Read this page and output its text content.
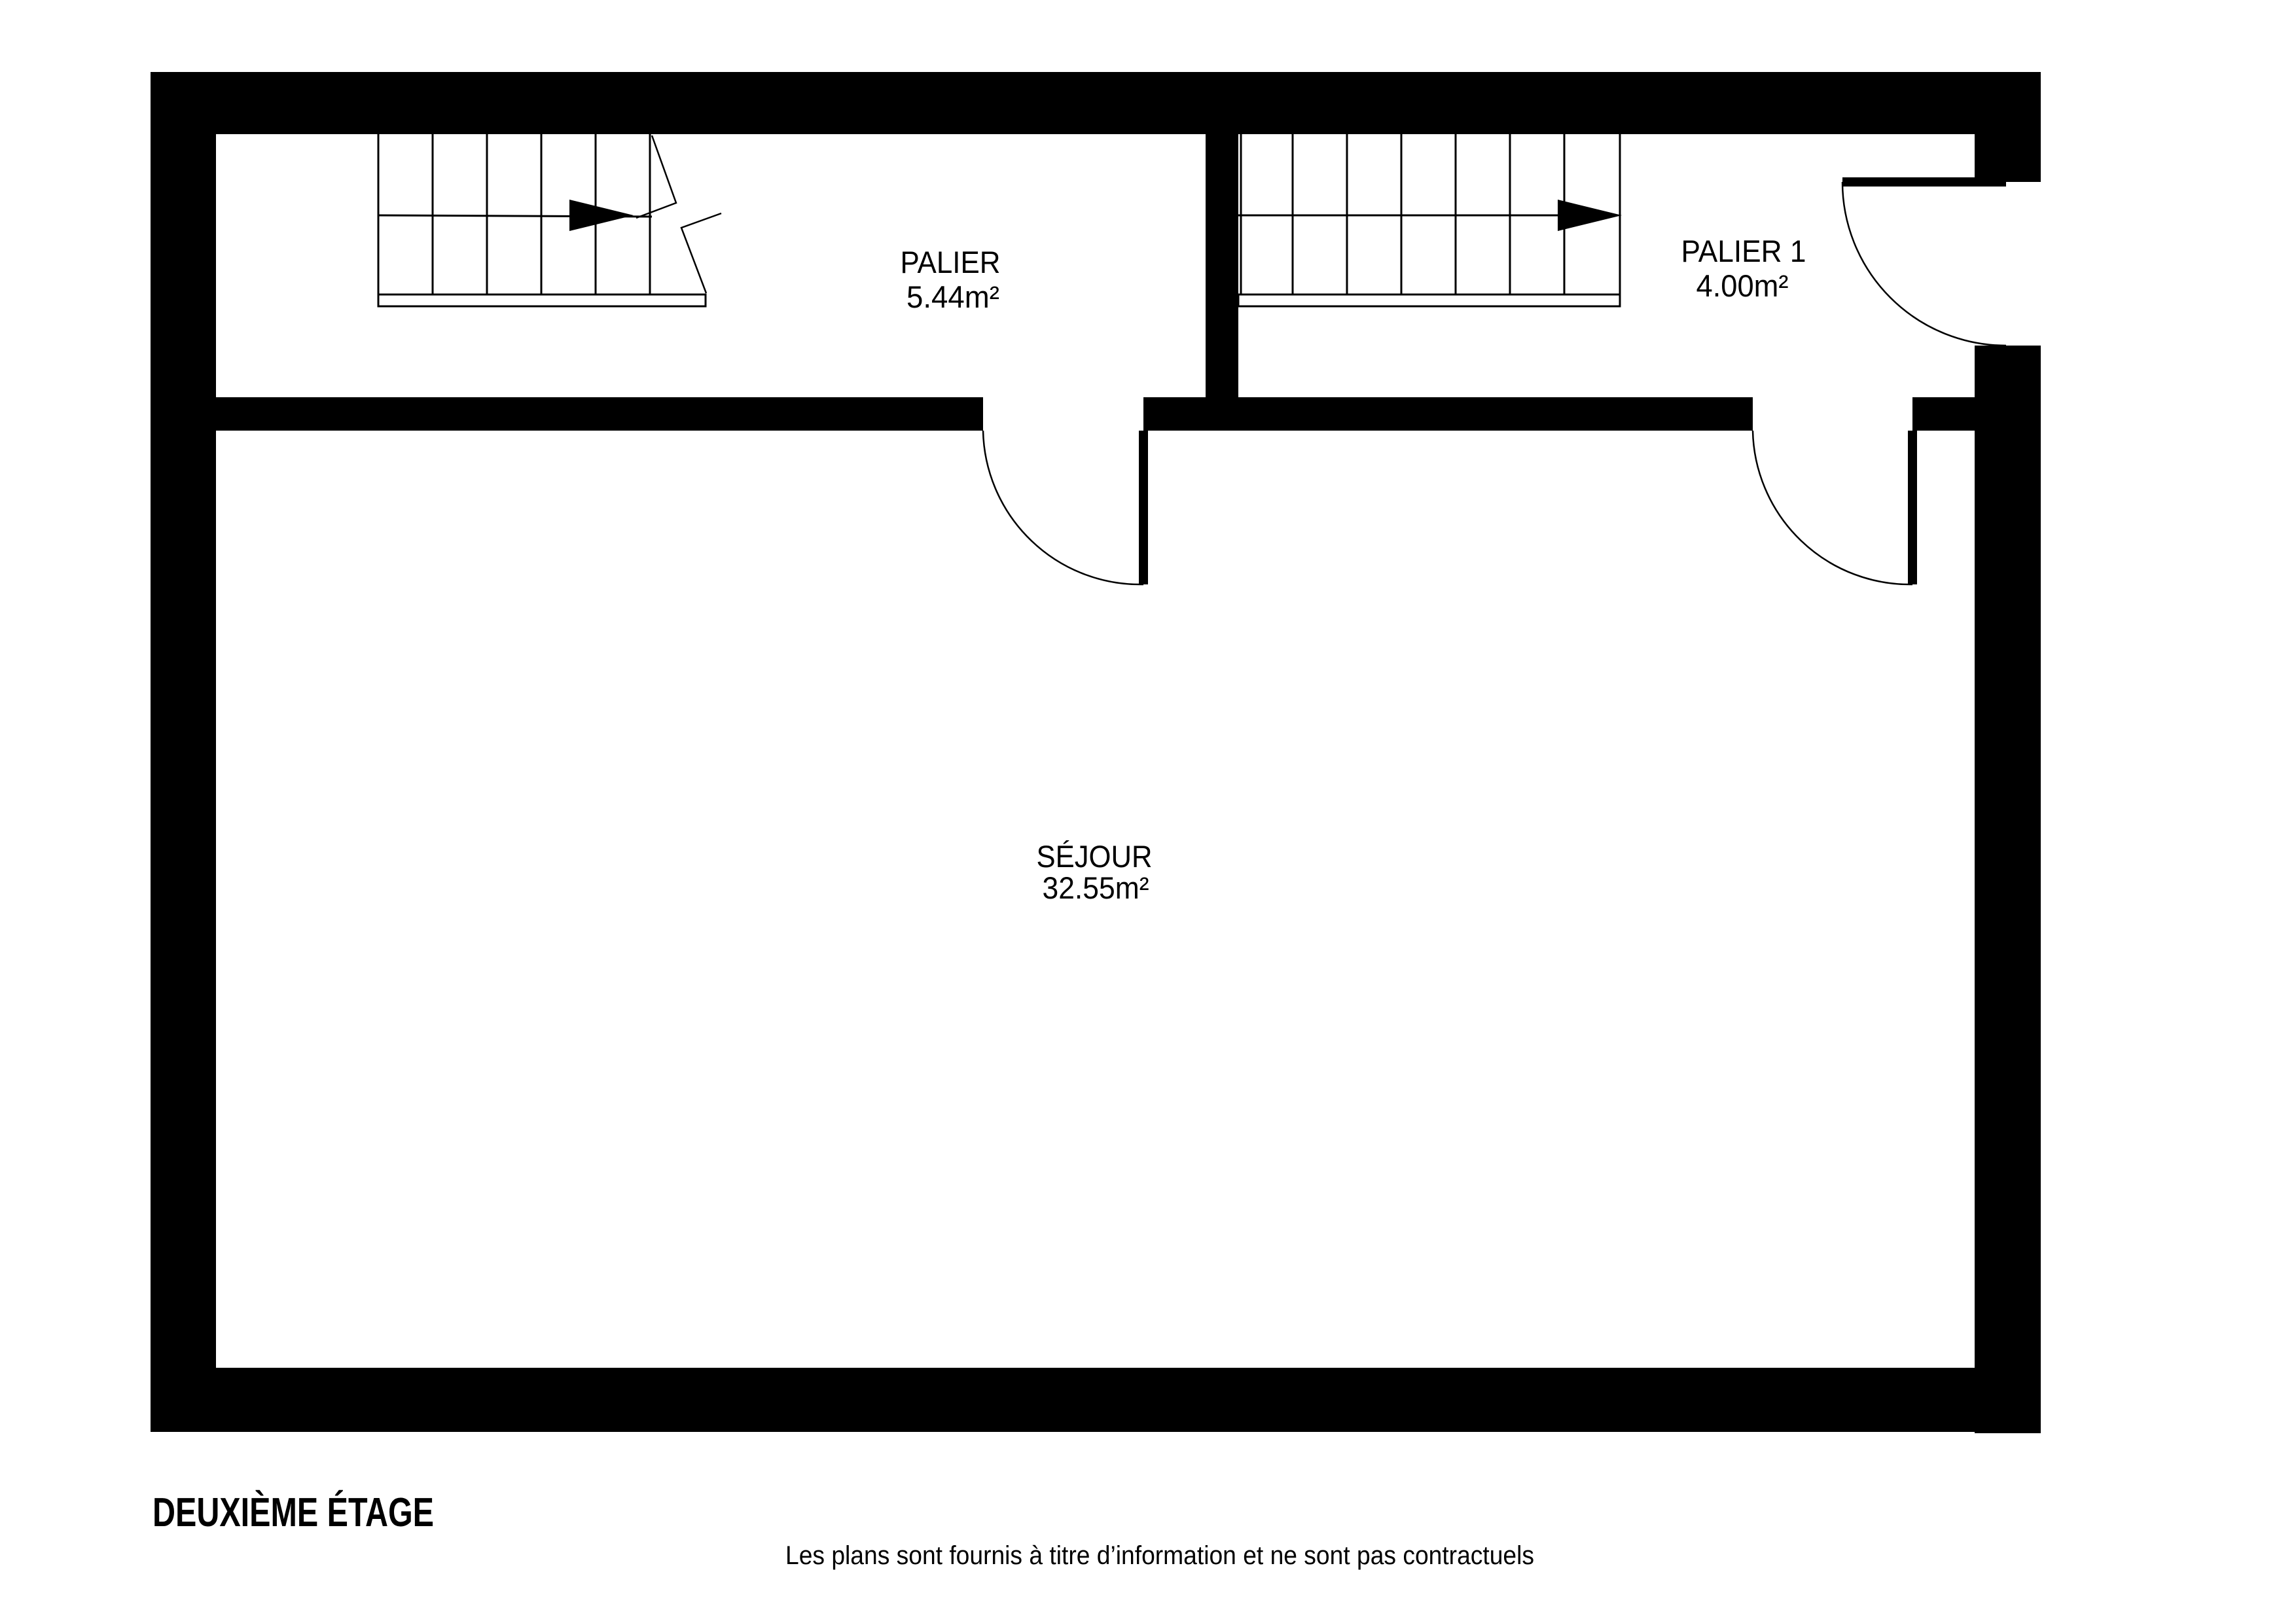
PALIER
5.44m²
PALIER 1
4.00m²
SÉJOUR
32.55m²
DEUXIÈME ÉTAGE
Les plans sont fournis à titre d’information et ne sont pas contractuels
